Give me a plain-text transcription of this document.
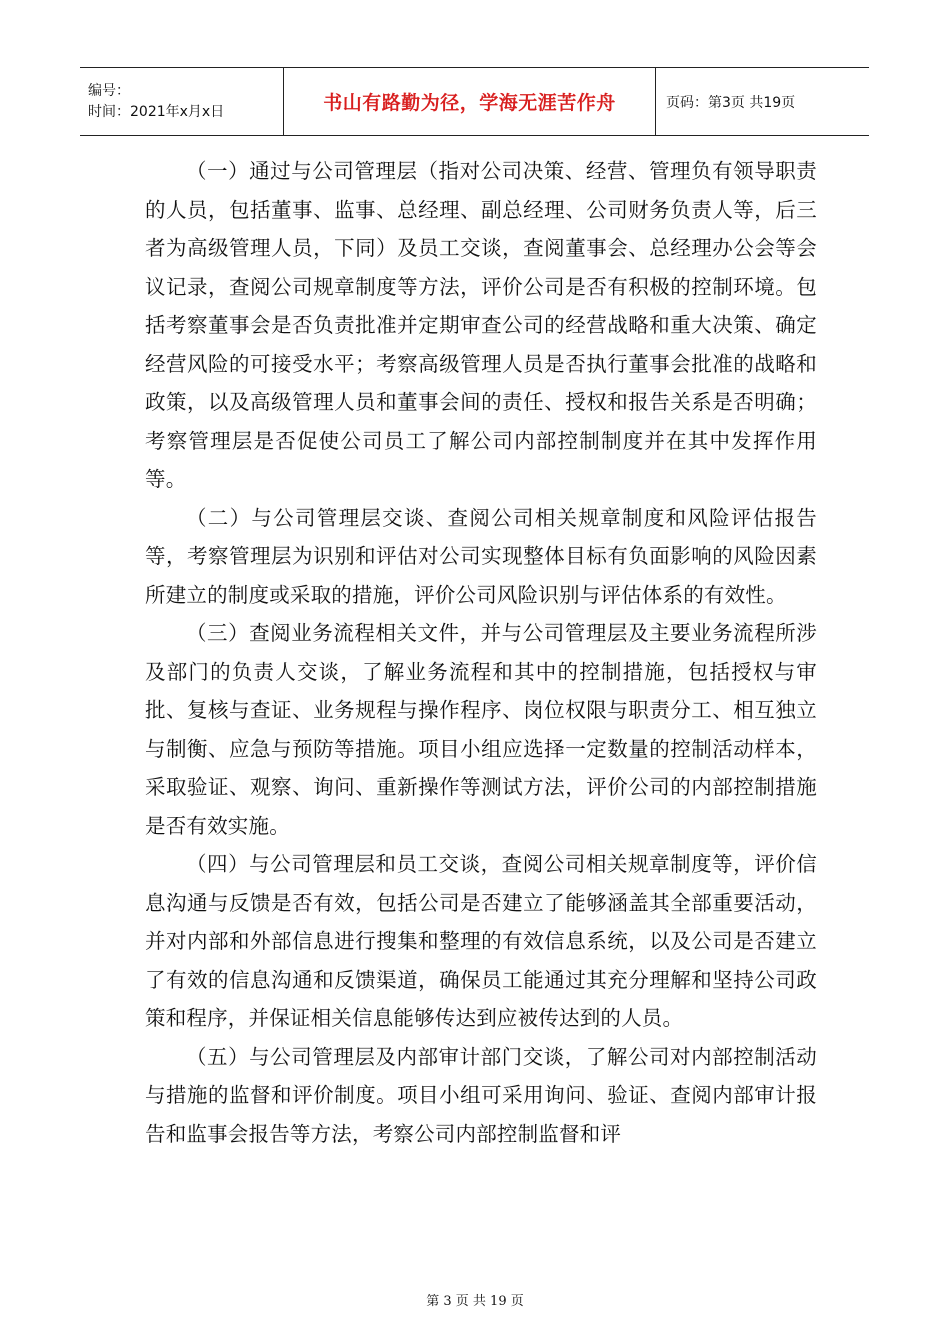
编号：
时间：2021年x月x日	书山有路勤为径，学海无涯苦作舟	页码：第3页 共19页

（一）通过与公司管理层（指对公司决策、经营、管理负有领导职责的人员，包括董事、监事、总经理、副总经理、公司财务负责人等，后三者为高级管理人员，下同）及员工交谈，查阅董事会、总经理办公会等会议记录，查阅公司规章制度等方法，评价公司是否有积极的控制环境。包括考察董事会是否负责批准并定期审查公司的经营战略和重大决策、确定经营风险的可接受水平；考察高级管理人员是否执行董事会批准的战略和政策，以及高级管理人员和董事会间的责任、授权和报告关系是否明确；考察管理层是否促使公司员工了解公司内部控制制度并在其中发挥作用等。

（二）与公司管理层交谈、查阅公司相关规章制度和风险评估报告等，考察管理层为识别和评估对公司实现整体目标有负面影响的风险因素所建立的制度或采取的措施，评价公司风险识别与评估体系的有效性。

（三）查阅业务流程相关文件，并与公司管理层及主要业务流程所涉及部门的负责人交谈，了解业务流程和其中的控制措施，包括授权与审批、复核与查证、业务规程与操作程序、岗位权限与职责分工、相互独立与制衡、应急与预防等措施。项目小组应选择一定数量的控制活动样本，采取验证、观察、询问、重新操作等测试方法，评价公司的内部控制措施是否有效实施。

（四）与公司管理层和员工交谈，查阅公司相关规章制度等，评价信息沟通与反馈是否有效，包括公司是否建立了能够涵盖其全部重要活动，并对内部和外部信息进行搜集和整理的有效信息系统，以及公司是否建立了有效的信息沟通和反馈渠道，确保员工能通过其充分理解和坚持公司政策和程序，并保证相关信息能够传达到应被传达到的人员。

（五）与公司管理层及内部审计部门交谈，了解公司对内部控制活动与措施的监督和评价制度。项目小组可采用询问、验证、查阅内部审计报告和监事会报告等方法，考察公司内部控制监督和评

第 3 页 共 19 页
